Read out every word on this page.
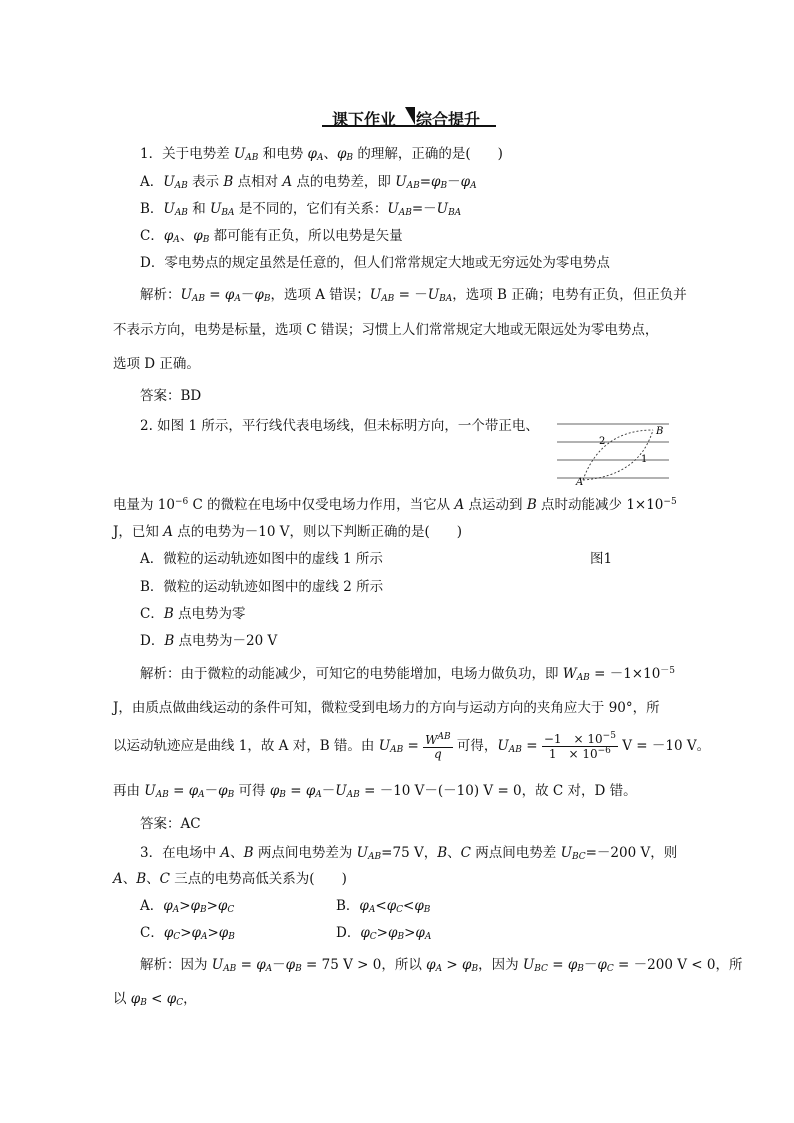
课下作业 综合提升
1．关于电势差 $U_{AB}$ 和电势 $\varphi_A$、$\varphi_B$ 的理解，正确的是(　　)
A．$U_{AB}$ 表示 B 点相对 A 点的电势差，即 $U_{AB}=\varphi_B-\varphi_A$
B．$U_{AB}$ 和 $U_{BA}$ 是不同的，它们有关系：$U_{AB}=-U_{BA}$
C．$\varphi_A$、$\varphi_B$ 都可能有正负，所以电势是矢量
D．零电势点的规定虽然是任意的，但人们常常规定大地或无穷远处为零电势点
解析：$U_{AB} = \varphi_A-\varphi_B$，选项 A 错误；$U_{AB} = -U_{BA}$，选项 B 正确；电势有正负，但正负并
不表示方向，电势是标量，选项 C 错误；习惯上人们常常规定大地或无限远处为零电势点，
选项 D 正确。
答案：BD
2. 如图 1 所示，平行线代表电场线，但未标明方向，一个带正电、	B
A
2
1
电量为 $10^{-6}$ C 的微粒在电场中仅受电场力作用，当它从 A 点运动到 B 点时动能减少 $1\times 10^{-5}$
J，已知 A 点的电势为－10 V，则以下判断正确的是(　　)
A．微粒的运动轨迹如图中的虚线 1 所示	图1
B．微粒的运动轨迹如图中的虚线 2 所示
C．B 点电势为零
D．B 点电势为－20 V
解析：由于微粒的动能减少，可知它的电势能增加，电场力做负功，即 $W_{AB} = -1\times 10^{-5}$
J，由质点做曲线运动的条件可知，微粒受到电场力的方向与运动方向的夹角应大于 90°，所
以运动轨迹应是曲线 1，故 A 对，B 错。由 $U_{AB} = \frac{W^{AB}}{q}$ 可得，$U_{AB} = \frac{-1 \times 10^{-5}}{1 \times 10^{-6}}$ V = －10 V。
再由 $U_{AB} = \varphi_A-\varphi_B$ 可得 $\varphi_B = \varphi_A-U_{AB} = -10$ V－(－10) V = 0，故 C 对，D 错。
答案：AC
3．在电场中 A、B 两点间电势差为 $U_{AB}=75$ V，B、C 两点间电势差 $U_{BC}=-200$ V，则
A、B、C 三点的电势高低关系为(　　)
A．$\varphi_A>\varphi_B>\varphi_C$	B．$\varphi_A<\varphi_C<\varphi_B$
C．$\varphi_C>\varphi_A>\varphi_B$	D．$\varphi_C>\varphi_B>\varphi_A$
解析：因为 $U_{AB} = \varphi_A-\varphi_B = 75$ V > 0，所以 $\varphi_A > \varphi_B$，因为 $U_{BC} = \varphi_B-\varphi_C = -200$ V < 0，所
以 $\varphi_B < \varphi_C$，
